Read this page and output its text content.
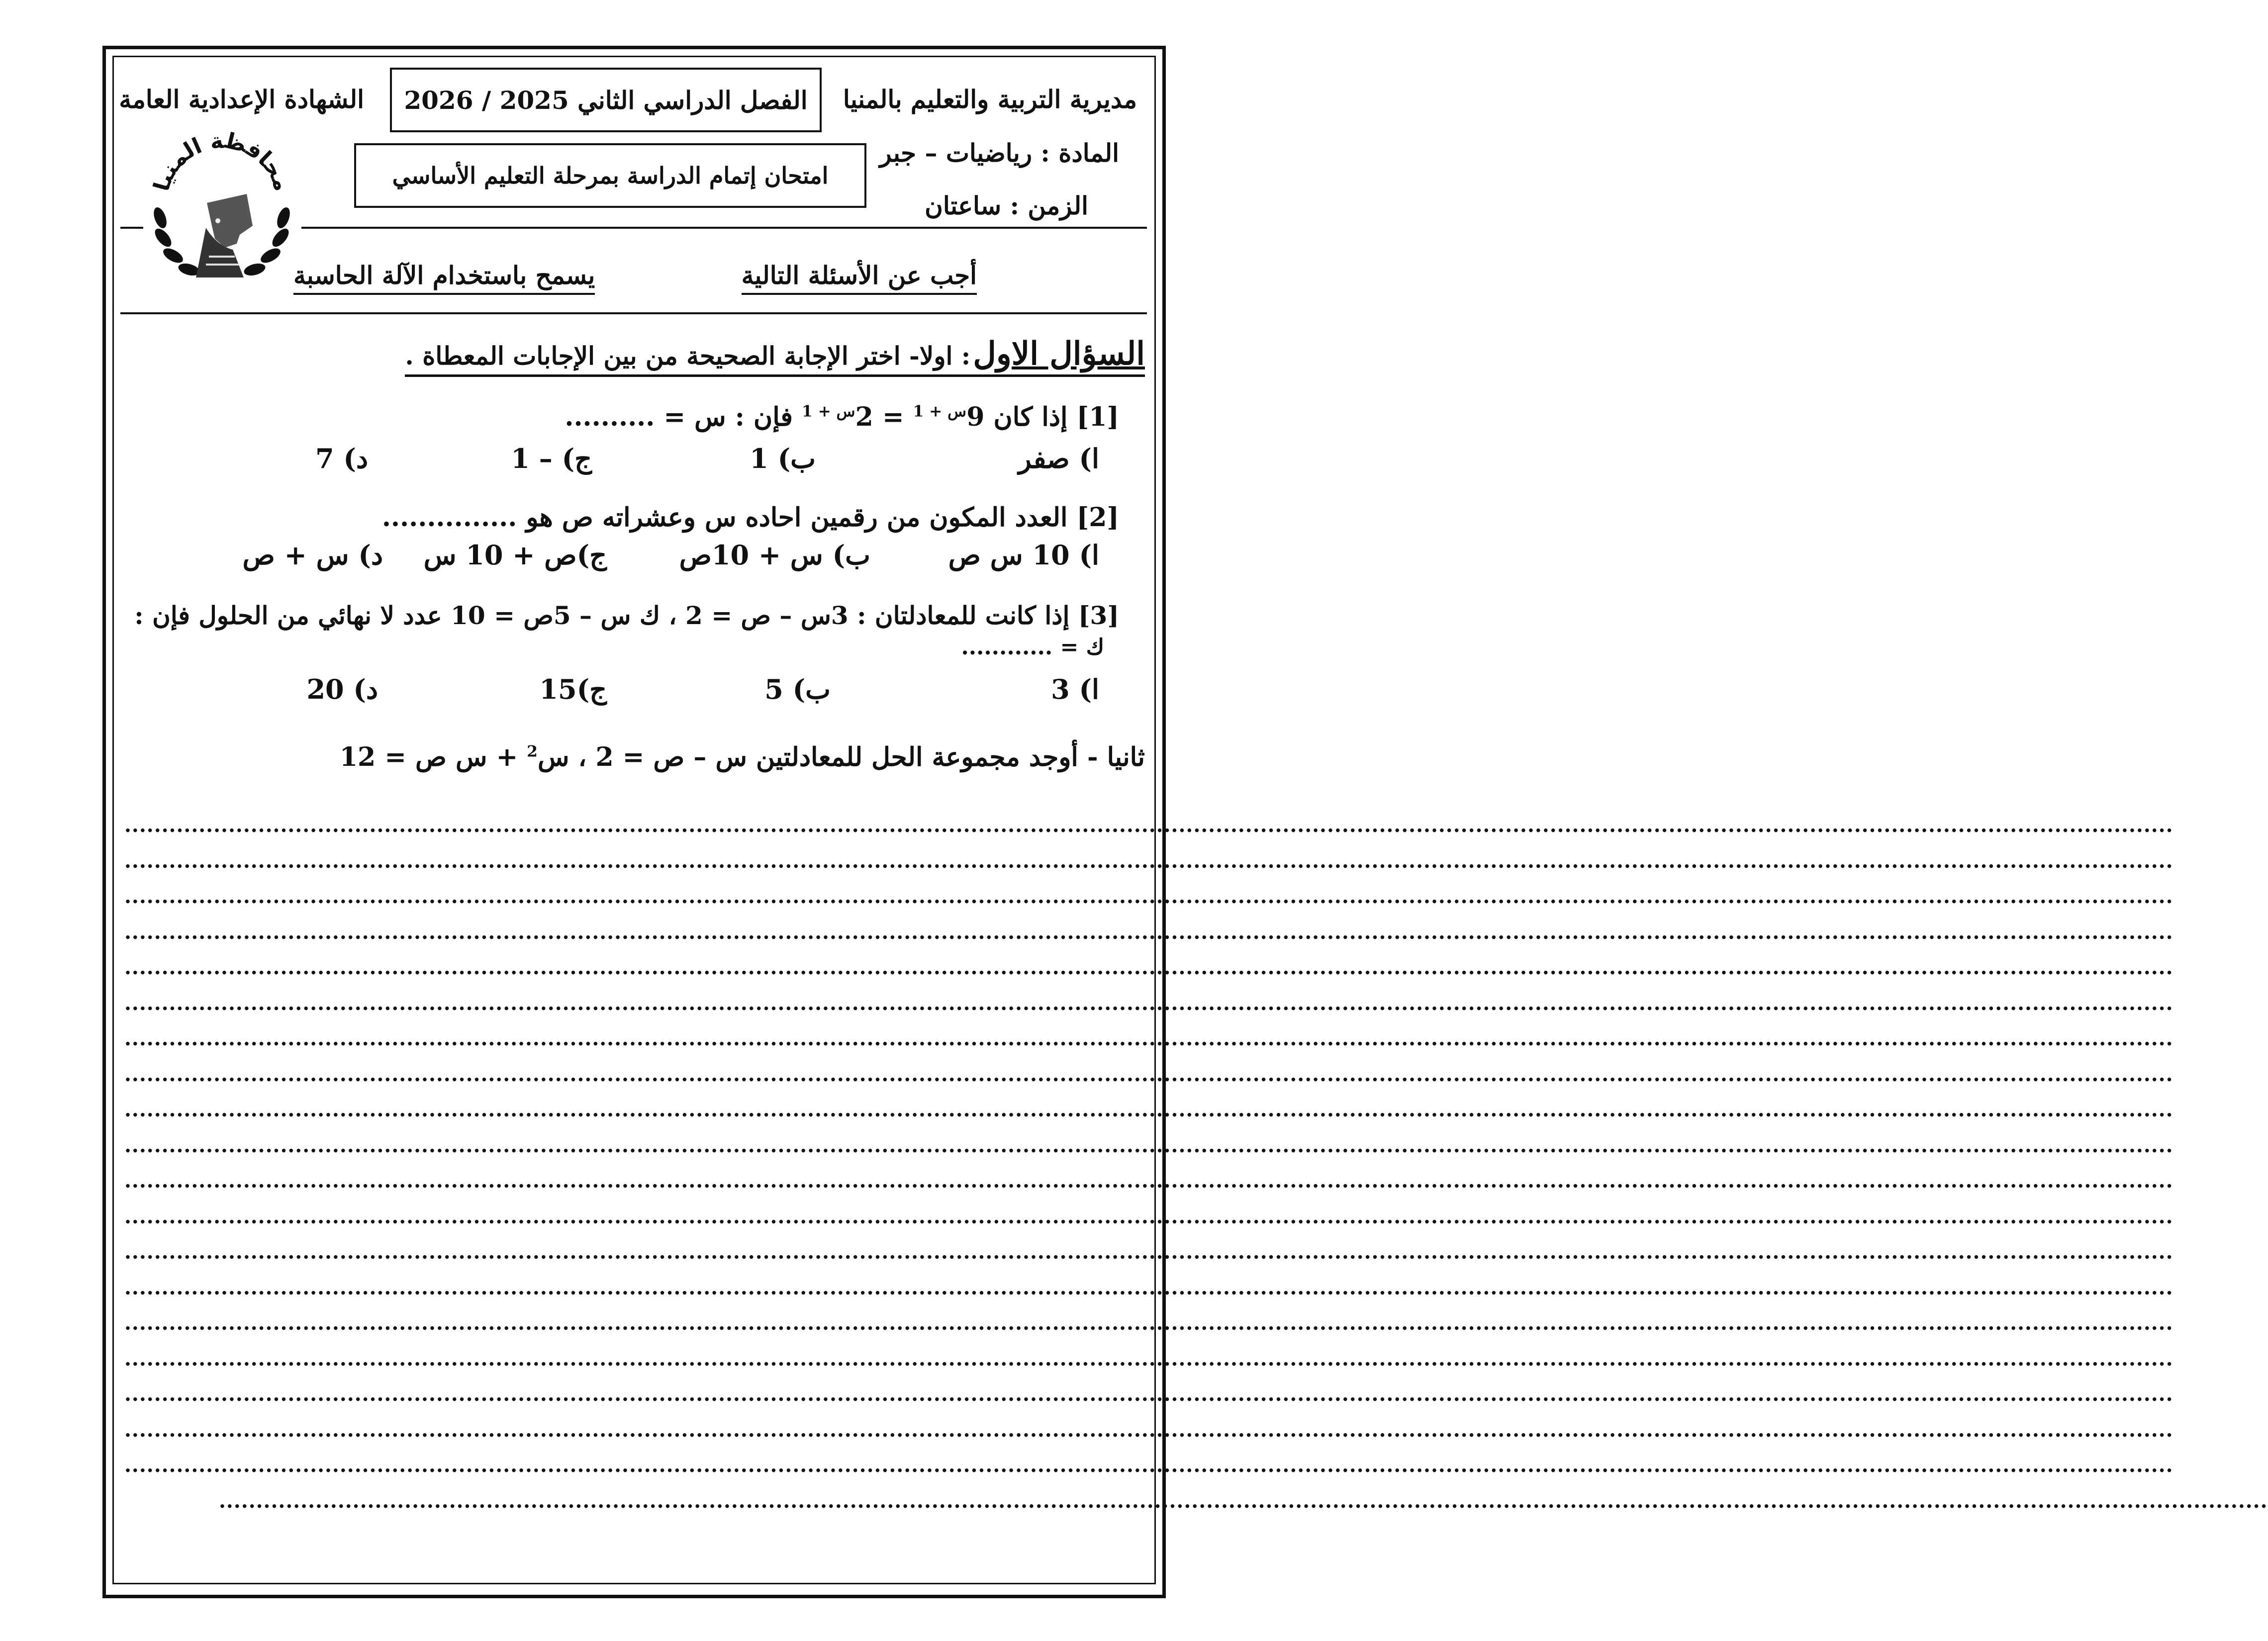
مديرية التربية والتعليم بالمنيا
الشهادة الإعدادية العامة الفصل الدراسي الثاني 2025 / 2026
امتحان إتمام الدراسة بمرحلة التعليم الأساسي
المادة : رياضيات – جبر
الزمن : ساعتان
محافظة المنيا
أجب عن الأسئلة التالية
يسمح باستخدام الآلة الحاسبة
السؤال الاول : اولا- اختر الإجابة الصحيحة من بين الإجابات المعطاة .
[1] إذا كان $9^{س + 1} = 2^{س + 1}$ فإن : س = ..........
ا) صفر
ب) 1
ج) – 1
د) 7
[2] العدد المكون من رقمين احاده س وعشراته ص هو ...............
ا) 10 س ص
ب) س + 10ص
ج)ص + 10 س
د) س + ص
[3] إذا كانت للمعادلتان : 3س – ص = 2 ، ك س – 5ص = 10 عدد لا نهائي من الحلول فإن :
ك = ............
ا) 3
ب) 5
ج)15
د) 20
ثانيا - أوجد مجموعة الحل للمعادلتين س – ص = 2 ، س$^2$ + س ص = 12
....................................................................................................................................................................................................................................................................................
....................................................................................................................................................................................................................................................................................
....................................................................................................................................................................................................................................................................................
....................................................................................................................................................................................................................................................................................
....................................................................................................................................................................................................................................................................................
....................................................................................................................................................................................................................................................................................
....................................................................................................................................................................................................................................................................................
....................................................................................................................................................................................................................................................................................
....................................................................................................................................................................................................................................................................................
....................................................................................................................................................................................................................................................................................
....................................................................................................................................................................................................................................................................................
....................................................................................................................................................................................................................................................................................
....................................................................................................................................................................................................................................................................................
....................................................................................................................................................................................................................................................................................
....................................................................................................................................................................................................................................................................................
....................................................................................................................................................................................................................................................................................
....................................................................................................................................................................................................................................................................................
....................................................................................................................................................................................................................................................................................
....................................................................................................................................................................................................................................................................................
....................................................................................................................................................................................................................................................................................
